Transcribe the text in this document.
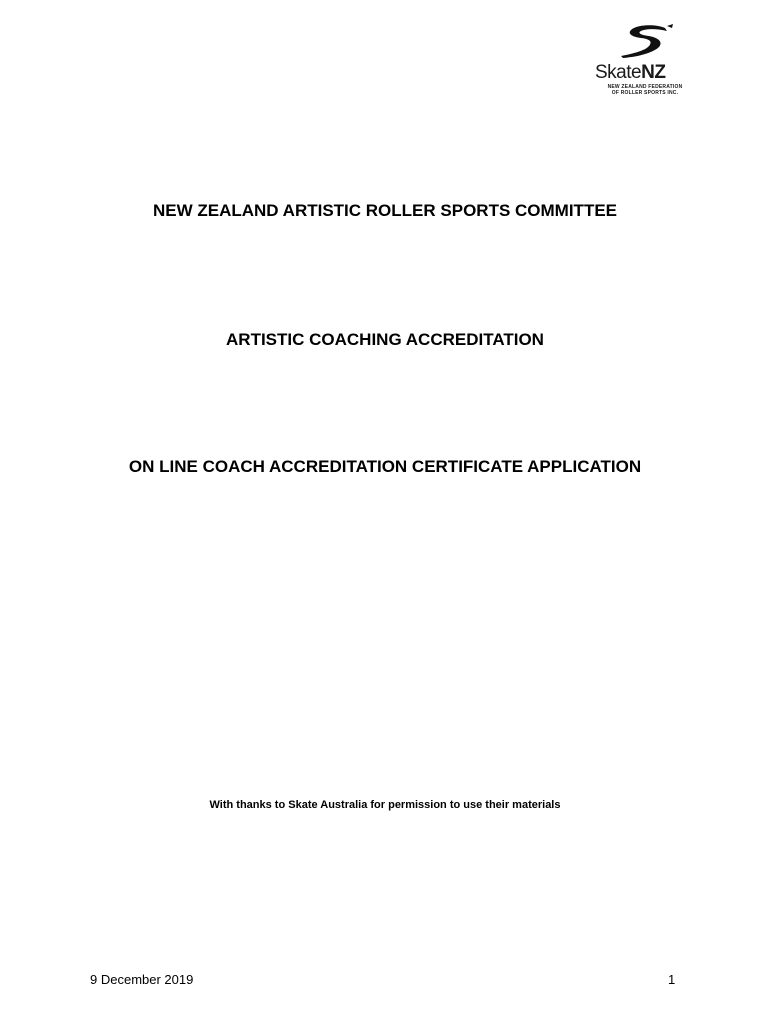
SkateNZ
NEW ZEALAND FEDERATION
OF ROLLER SPORTS INC.
NEW ZEALAND ARTISTIC ROLLER SPORTS COMMITTEE
ARTISTIC COACHING ACCREDITATION
ON LINE COACH ACCREDITATION CERTIFICATE APPLICATION
With thanks to Skate Australia for permission to use their materials
9 December 2019	1
